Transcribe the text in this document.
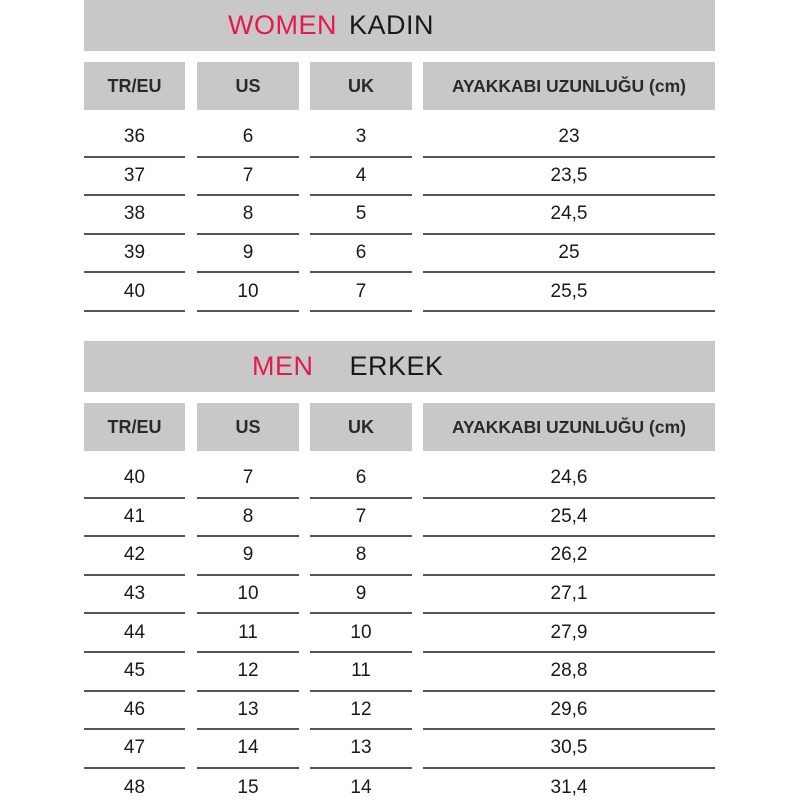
WOMEN KADIN
TR/EU	US	UK	AYAKKABI UZUNLUĞU (cm)
36	6	3	23
37	7	4	23,5
38	8	5	24,5
39	9	6	25
40	10	7	25,5
MEN ERKEK
TR/EU	US	UK	AYAKKABI UZUNLUĞU (cm)
40	7	6	24,6
41	8	7	25,4
42	9	8	26,2
43	10	9	27,1
44	11	10	27,9
45	12	11	28,8
46	13	12	29,6
47	14	13	30,5
48	15	14	31,4
